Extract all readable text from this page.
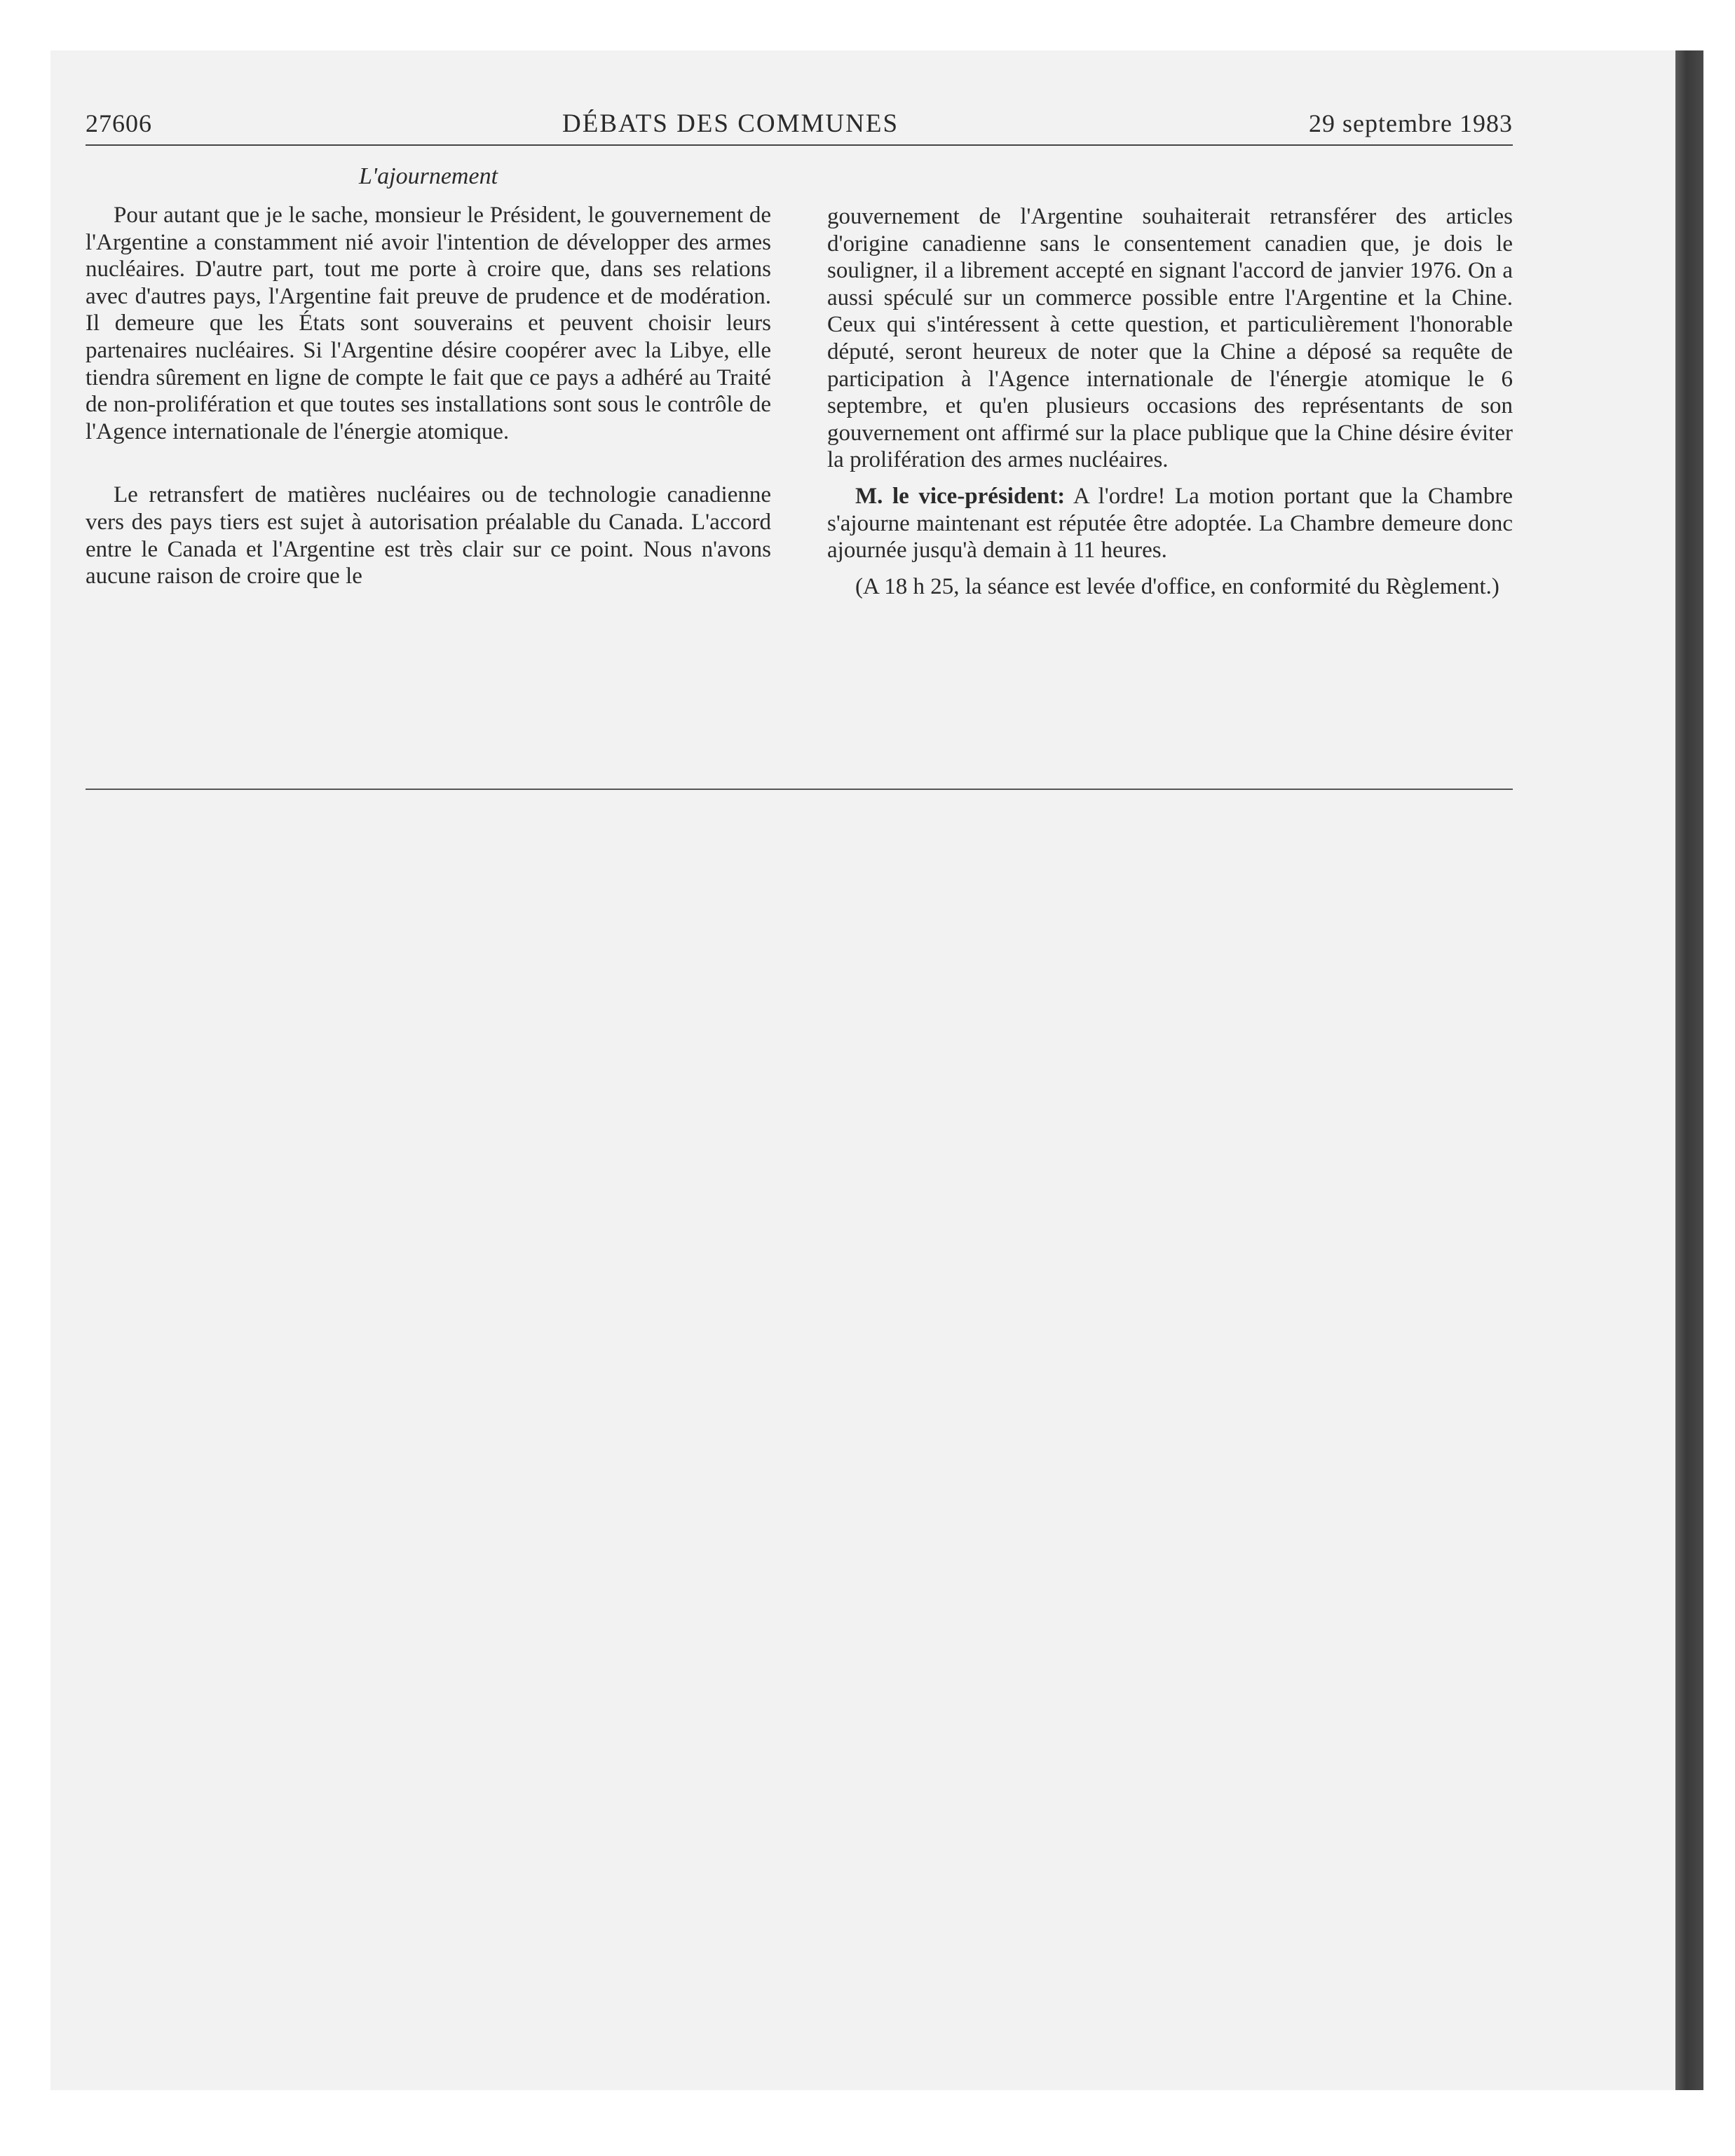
27606	DÉBATS DES COMMUNES	29 septembre 1983
L'ajournement

Pour autant que je le sache, monsieur le Président, le gouvernement de l'Argentine a constamment nié avoir l'intention de développer des armes nucléaires. D'autre part, tout me porte à croire que, dans ses relations avec d'autres pays, l'Argentine fait preuve de prudence et de modération. Il demeure que les États sont souverains et peuvent choisir leurs partenaires nucléaires. Si l'Argentine désire coopérer avec la Libye, elle tiendra sûrement en ligne de compte le fait que ce pays a adhéré au Traité de non-prolifération et que toutes ses installations sont sous le contrôle de l'Agence internationale de l'énergie atomique.

Le retransfert de matières nucléaires ou de technologie canadienne vers des pays tiers est sujet à autorisation préalable du Canada. L'accord entre le Canada et l'Argentine est très clair sur ce point. Nous n'avons aucune raison de croire que le

gouvernement de l'Argentine souhaiterait retransférer des articles d'origine canadienne sans le consentement canadien que, je dois le souligner, il a librement accepté en signant l'accord de janvier 1976. On a aussi spéculé sur un commerce possible entre l'Argentine et la Chine. Ceux qui s'intéressent à cette question, et particulièrement l'honorable député, seront heureux de noter que la Chine a déposé sa requête de participation à l'Agence internationale de l'énergie atomique le 6 septembre, et qu'en plusieurs occasions des représentants de son gouvernement ont affirmé sur la place publique que la Chine désire éviter la prolifération des armes nucléaires.

M. le vice-président: A l'ordre! La motion portant que la Chambre s'ajourne maintenant est réputée être adoptée. La Chambre demeure donc ajournée jusqu'à demain à 11 heures.

(A 18 h 25, la séance est levée d'office, en conformité du Règlement.)
